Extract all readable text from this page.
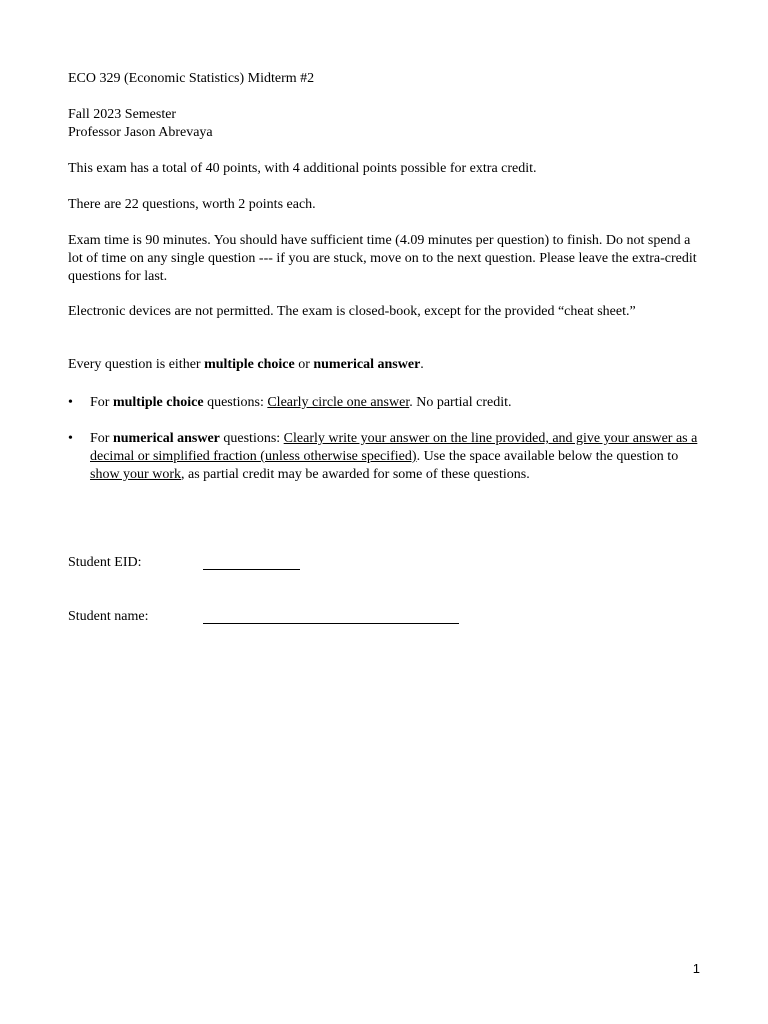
ECO 329 (Economic Statistics) Midterm #2

Fall 2023 Semester

Professor Jason Abrevaya

This exam has a total of 40 points, with 4 additional points possible for extra credit.

There are 22 questions, worth 2 points each.

Exam time is 90 minutes. You should have sufficient time (4.09 minutes per question) to finish. Do not spend a lot of time on any single question --- if you are stuck, move on to the next question. Please leave the extra-credit questions for last.

Electronic devices are not permitted. The exam is closed-book, except for the provided “cheat sheet.”

Every question is either multiple choice or numerical answer.

• For multiple choice questions: Clearly circle one answer. No partial credit.
• For numerical answer questions: Clearly write your answer on the line provided, and give your answer as a decimal or simplified fraction (unless otherwise specified). Use the space available below the question to show your work, as partial credit may be awarded for some of these questions.
Student EID:
Student name:
1
